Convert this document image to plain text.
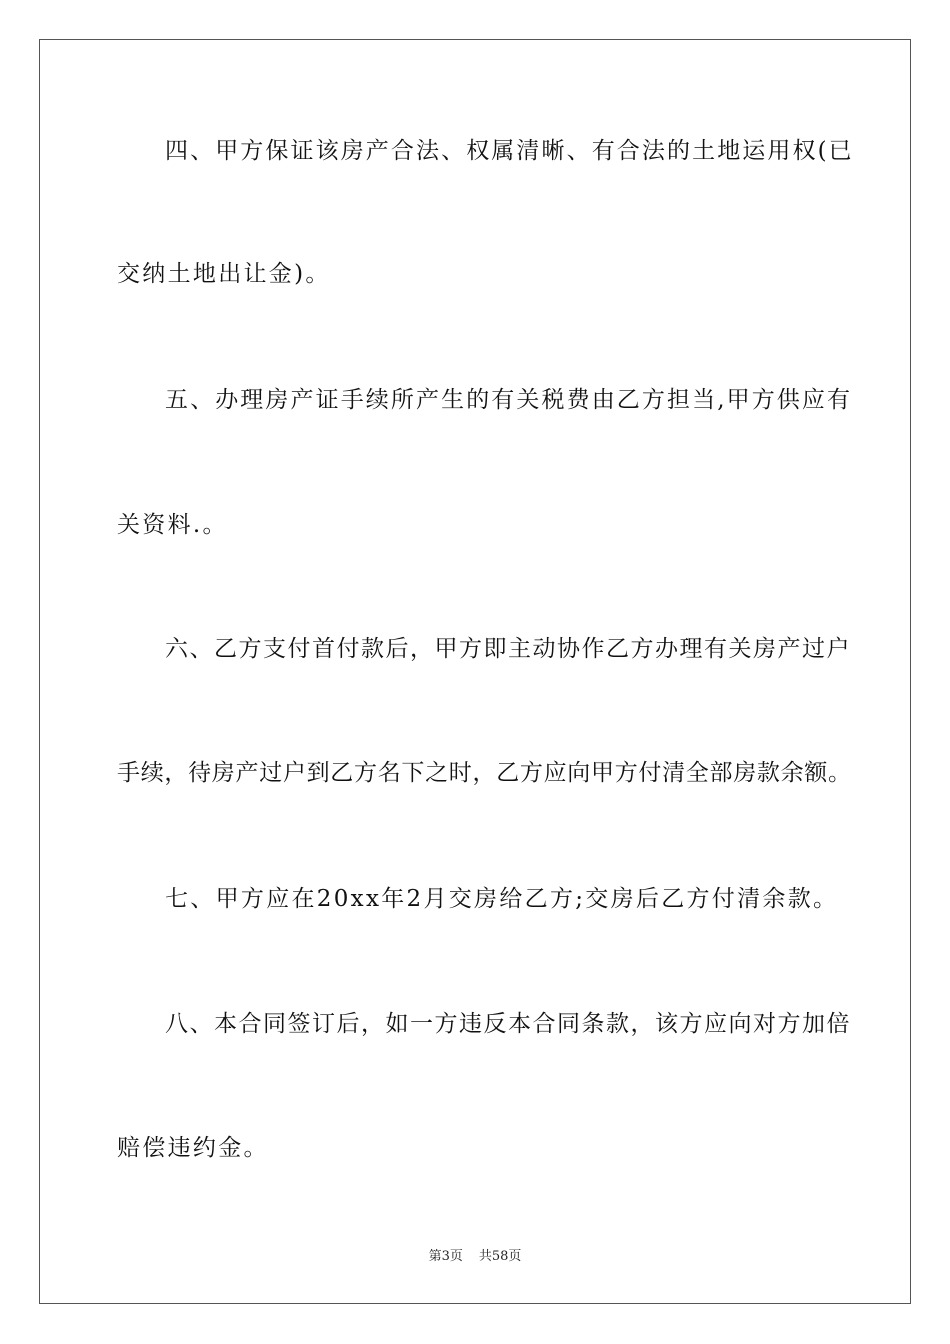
四、甲方保证该房产合法、权属清晰、有合法的土地运用权(已
交纳土地出让金)。
五、办理房产证手续所产生的有关税费由乙方担当,甲方供应有
关资料.。
六、乙方支付首付款后，甲方即主动协作乙方办理有关房产过户
手续，待房产过户到乙方名下之时，乙方应向甲方付清全部房款余额。
七、甲方应在20xx年2月交房给乙方;交房后乙方付清余款。
八、本合同签订后，如一方违反本合同条款，该方应向对方加倍
赔偿违约金。
第3页 共58页
